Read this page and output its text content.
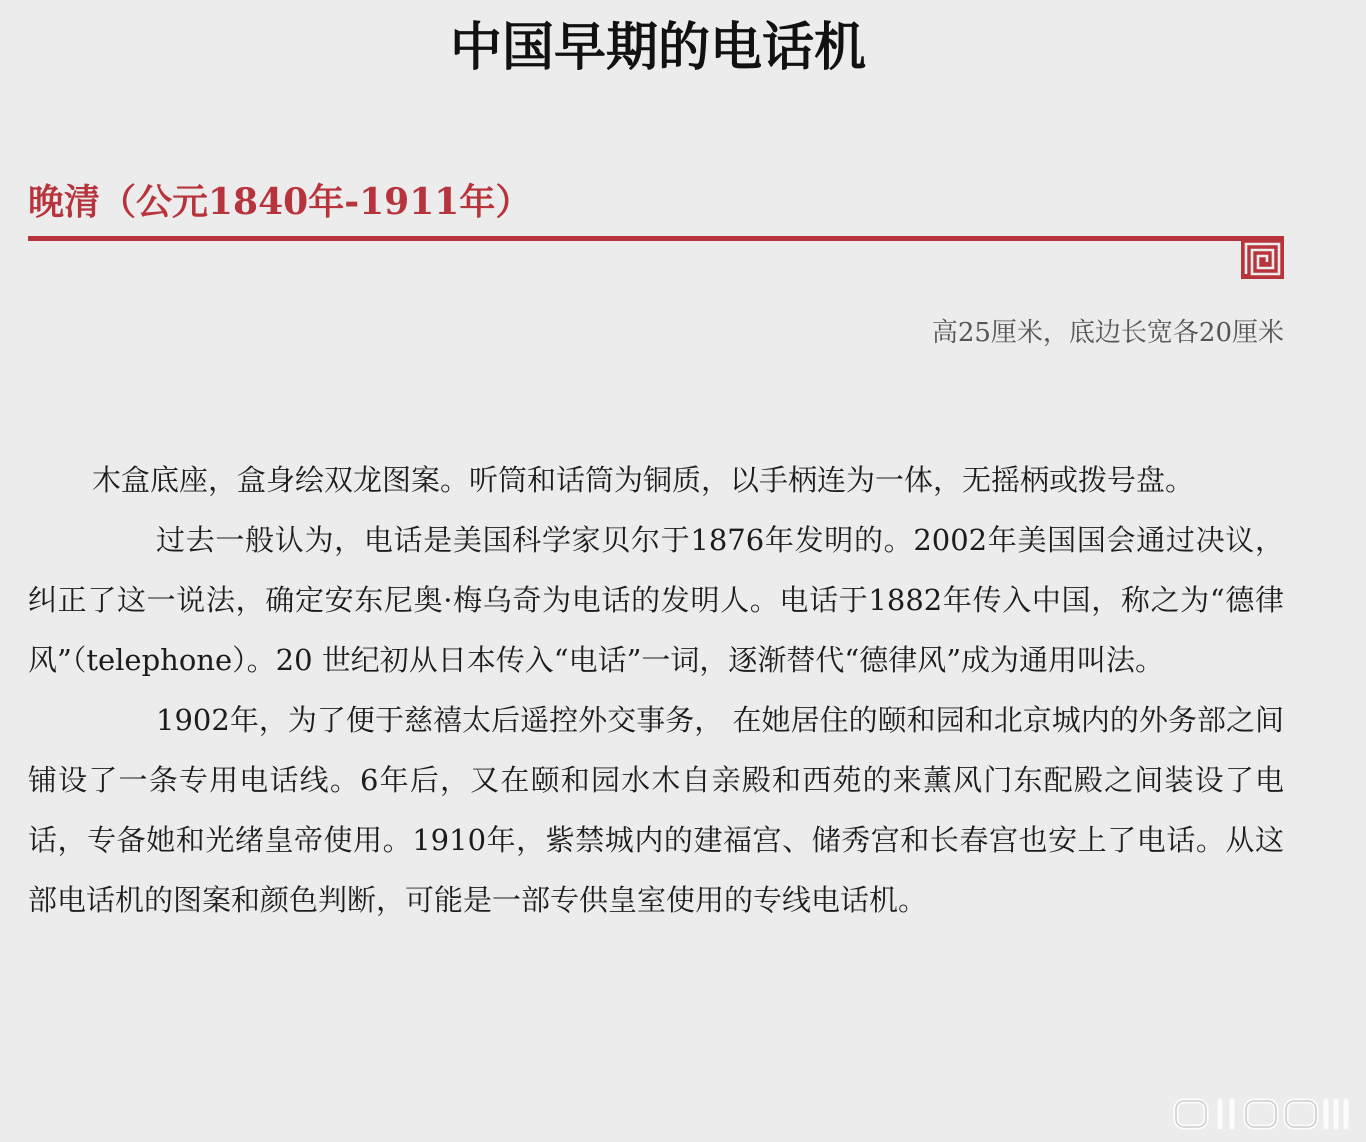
中国早期的电话机
晚清（公元1840年-1911年）
高25厘米，底边长宽各20厘米

木盒底座，盒身绘双龙图案。听筒和话筒为铜质，以手柄连为一体，无摇柄或拨号盘。

过去一般认为，电话是美国科学家贝尔于1876年发明的。2002年美国国会通过决议，纠正了这一说法，确定安东尼奥·梅乌奇为电话的发明人。电话于1882年传入中国，称之为“德律风”（telephone）。20 世纪初从日本传入“电话”一词，逐渐替代“德律风”成为通用叫法。

1902年，为了便于慈禧太后遥控外交事务， 在她居住的颐和园和北京城内的外务部之间铺设了一条专用电话线。6年后，又在颐和园水木自亲殿和西苑的来薰风门东配殿之间装设了电话，专备她和光绪皇帝使用。1910年，紫禁城内的建福宫、储秀宫和长春宫也安上了电话。从这部电话机的图案和颜色判断，可能是一部专供皇室使用的专线电话机。
